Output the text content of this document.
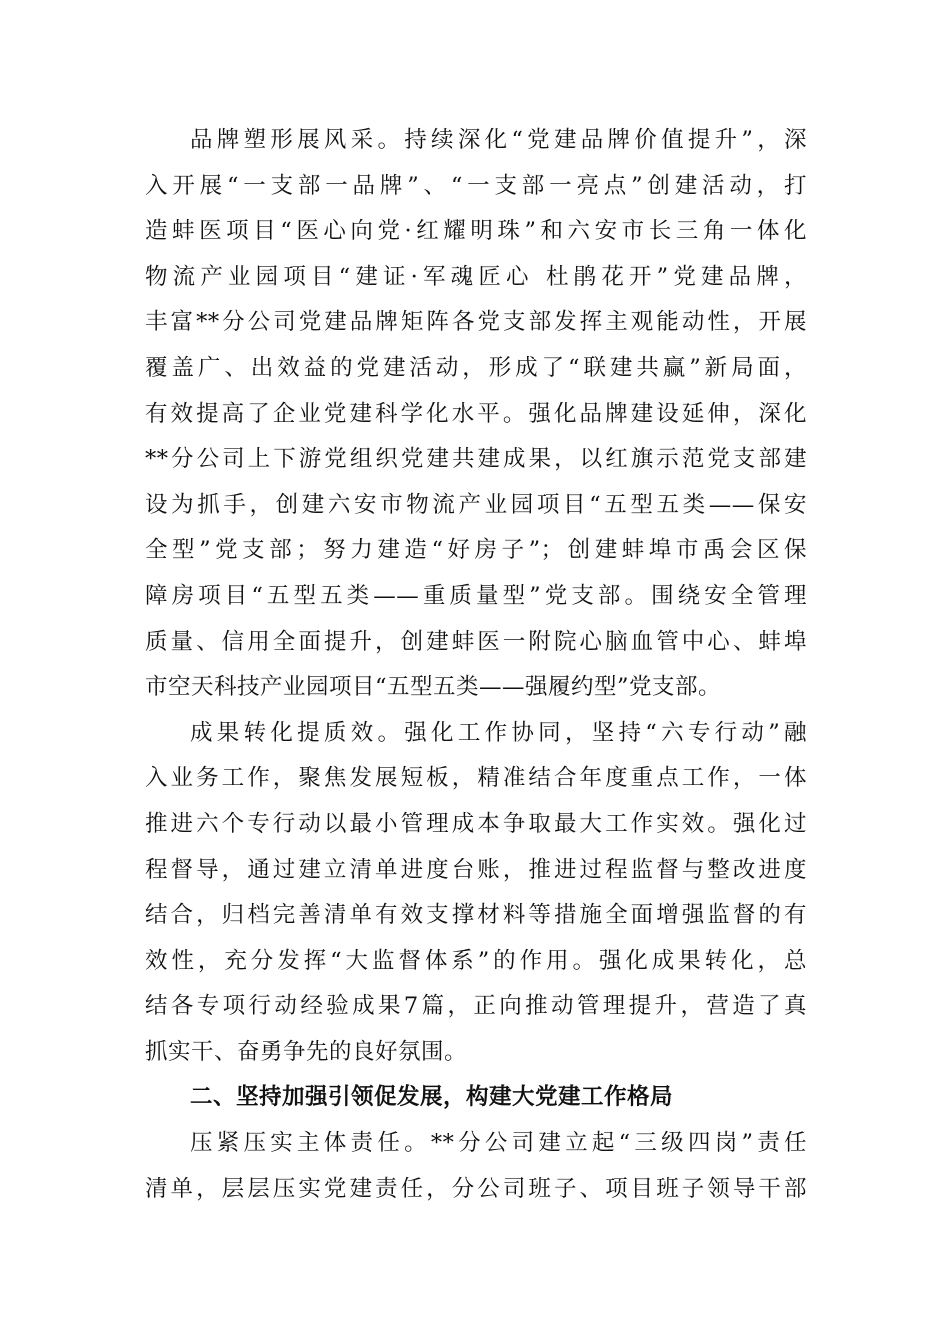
品牌塑形展风采。持续深化“党建品牌价值提升”，深
入开展“一支部一品牌”、“一支部一亮点”创建活动，打
造蚌医项目“医心向党·红耀明珠”和六安市长三角一体化
物流产业园项目“建证·军魂匠心 杜鹃花开”党建品牌，
丰富**分公司党建品牌矩阵各党支部发挥主观能动性，开展
覆盖广、出效益的党建活动，形成了“联建共赢”新局面，
有效提高了企业党建科学化水平。强化品牌建设延伸，深化
**分公司上下游党组织党建共建成果，以红旗示范党支部建
设为抓手，创建六安市物流产业园项目“五型五类——保安
全型”党支部；努力建造“好房子”；创建蚌埠市禹会区保
障房项目“五型五类——重质量型”党支部。围绕安全管理
质量、信用全面提升，创建蚌医一附院心脑血管中心、蚌埠
市空天科技产业园项目“五型五类——强履约型”党支部。
成果转化提质效。强化工作协同，坚持“六专行动”融
入业务工作，聚焦发展短板，精准结合年度重点工作，一体
推进六个专行动以最小管理成本争取最大工作实效。强化过
程督导，通过建立清单进度台账，推进过程监督与整改进度
结合，归档完善清单有效支撑材料等措施全面增强监督的有
效性，充分发挥“大监督体系”的作用。强化成果转化，总
结各专项行动经验成果7篇，正向推动管理提升，营造了真
抓实干、奋勇争先的良好氛围。
二、坚持加强引领促发展，构建大党建工作格局
压紧压实主体责任。**分公司建立起“三级四岗”责任
清单，层层压实党建责任，分公司班子、项目班子领导干部
